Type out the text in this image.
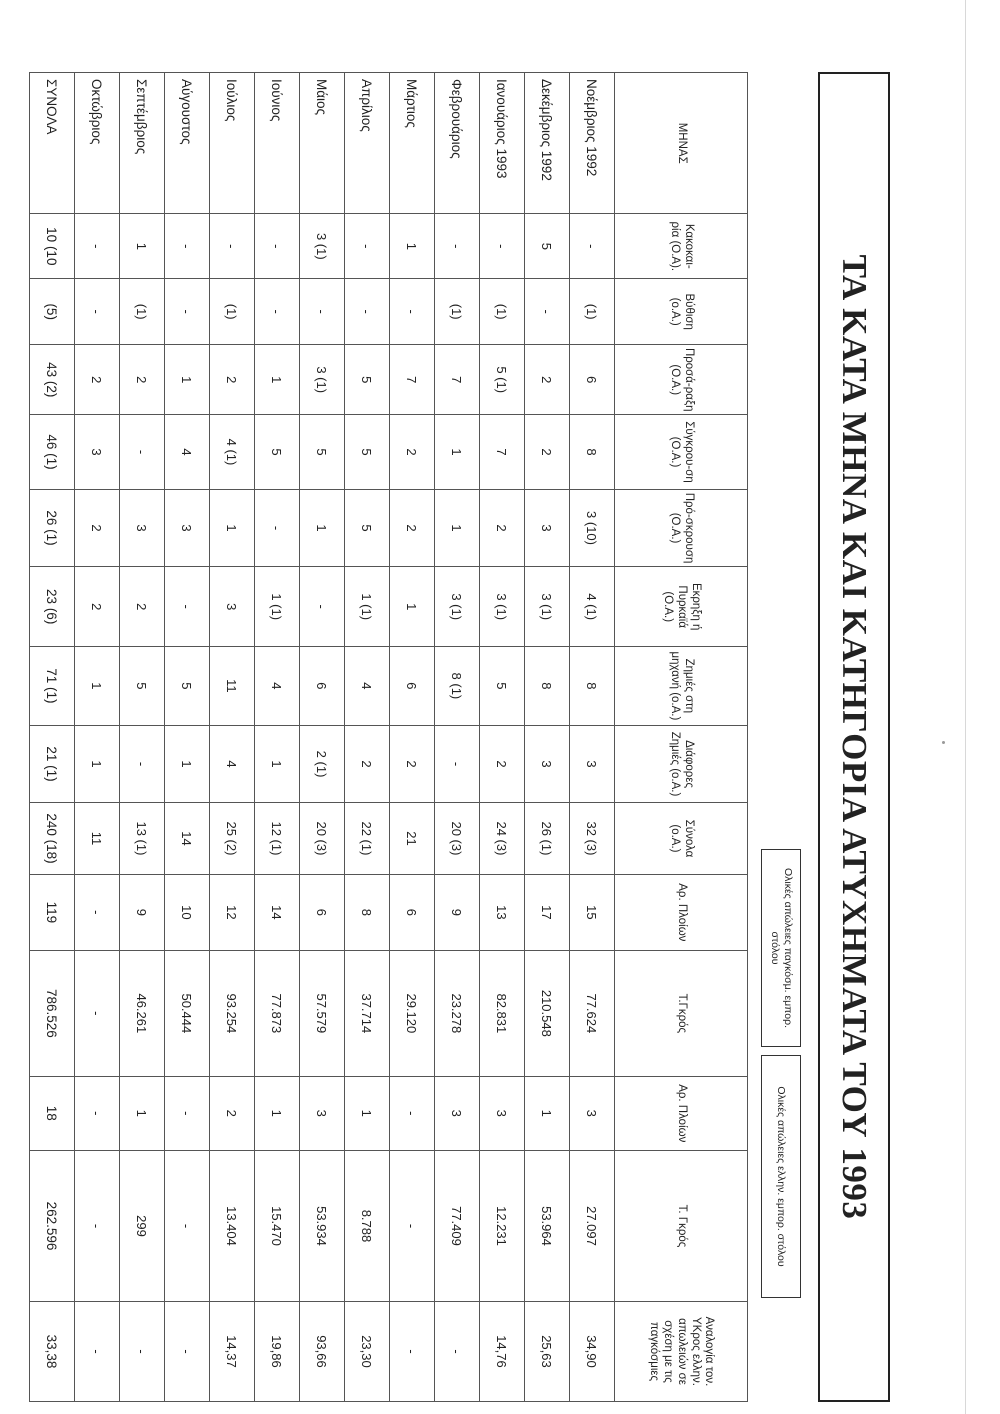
ΤΑ ΚΑΤΑ ΜΗΝΑ ΚΑΙ ΚΑΤΗΓΟΡΙΑ ΑΤΥΧΗΜΑΤΑ ΤΟΥ 1993
Ολικές απώλειες παγκόσμ. εμπορ. στόλου
Ολικές απώλειες ελλην. εμπορ. στόλου
ΜΗΝΑΣ	Κακοκαι-ρία (Ο.Α).	Βύθιση (ο.Α.)	Προσά-ραξη (Ο.Α.)	Σύγκρου-ση (Ο.Α.)	Πρό-σκρουση (Ο.Α.)	Εκρηξη ή Πυρκαϊά (Ο.Α.)	Ζημιές στη μηχανή (ο.Α.)	Διάφορες Ζημιές (ο.Α.)	Σύνολα (ο.Α.)	Αρ. Πλοίων	Τ.Γκρός	Αρ. Πλοίων	Τ. Γκρός	Αναλογία τον. ΥΚρος ελλην. απωλειών σε σχέση με τις παγκόσμιες
Νοέμβριος 1992	-	(1)	6	8	3 (10)	4 (1)	8	3	32 (3)	15	77.624	3	27.097	34,90
Δεκέμβριος 1992	5	-	2	2	3	3 (1)	8	3	26 (1)	17	210.548	1	53.964	25,63
Ιανουάριος 1993	-	(1)	5 (1)	7	2	3 (1)	5	2	24 (3)	13	82.831	3	12.231	14,76
Φεβρουάριος	-	(1)	7	1	1	3 (1)	8 (1)	-	20 (3)	9	23.278	3	77.409	-
Μάρτιος	1	-	7	2	2	1	6	2	21	6	29.120	-	-	-
Απρίλιος	-	-	5	5	5	1 (1)	4	2	22 (1)	8	37.714	1	8.788	23,30
Μάιος	3 (1)	-	3 (1)	5	1	-	6	2 (1)	20 (3)	6	57.579	3	53.934	93,66
Ιούνιος	-	-	1	5	-	1 (1)	4	1	12 (1)	14	77.873	1	15.470	19,86
Ιούλιος	-	(1)	2	4 (1)	1	3	11	4	25 (2)	12	93.254	2	13.404	14,37
Αύγουστος	-	-	1	4	3	-	5	1	14	10	50.444	-	-	-
Σεπτέμβριος	1	(1)	2	-	3	2	5	-	13 (1)	9	46.261	1	299	-
Οκτώβριος	-	-	2	3	2	2	1	1	11	-	-	-	-	-
ΣΥΝΟΛΑ	10 (10	(5)	43 (2)	46 (1)	26 (1)	23 (6)	71 (1)	21 (1)	240 (18)	119	786.526	18	262.596	33,38
